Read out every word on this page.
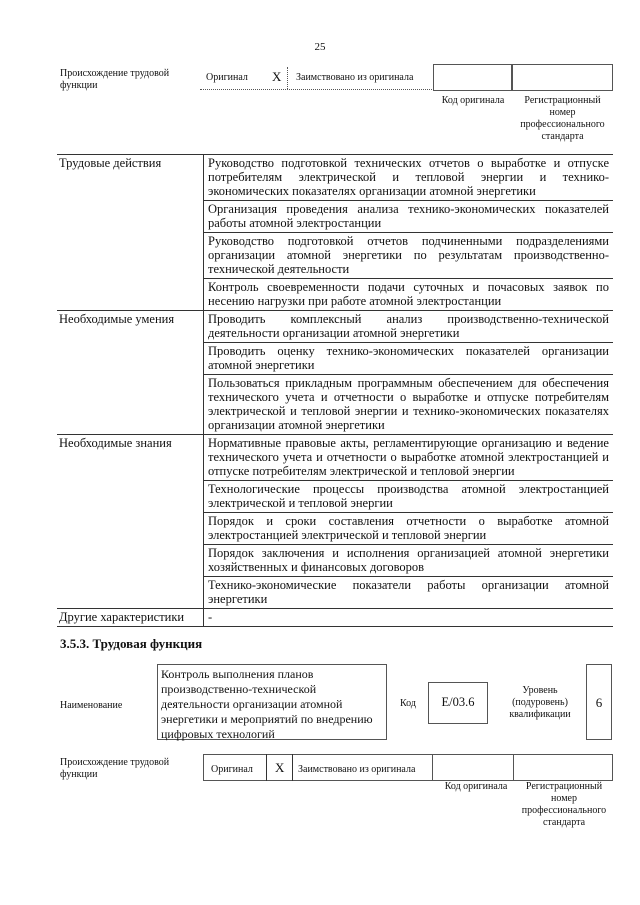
25
Происхождение трудовой функции
Оригинал X Заимствовано из оригинала
Код оригинала	Регистрационный номер профессионального стандарта
Трудовые действия	Руководство подготовкой технических отчетов о выработке и отпуске потребителям электрической и тепловой энергии и технико-экономических показателях организации атомной энергетики
	Организация проведения анализа технико-экономических показателей работы атомной электростанции
	Руководство подготовкой отчетов подчиненными подразделениями организации атомной энергетики по результатам производственно-технической деятельности
	Контроль своевременности подачи суточных и почасовых заявок по несению нагрузки при работе атомной электростанции
Необходимые умения	Проводить комплексный анализ производственно-технической деятельности организации атомной энергетики
	Проводить оценку технико-экономических показателей организации атомной энергетики
	Пользоваться прикладным программным обеспечением для обеспечения технического учета и отчетности о выработке и отпуске потребителям электрической и тепловой энергии и технико-экономических показателях организации атомной энергетики
Необходимые знания	Нормативные правовые акты, регламентирующие организацию и ведение технического учета и отчетности о выработке атомной электростанцией и отпуске потребителям электрической и тепловой энергии
	Технологические процессы производства атомной электростанцией электрической и тепловой энергии
	Порядок и сроки составления отчетности о выработке атомной электростанцией электрической и тепловой энергии
	Порядок заключения и исполнения организацией атомной энергетики хозяйственных и финансовых договоров
	Технико-экономические показатели работы организации атомной энергетики
Другие характеристики	-
3.5.3. Трудовая функция
Наименование
Контроль выполнения планов производственно-технической деятельности организации атомной энергетики и мероприятий по внедрению цифровых технологий
Код	E/03.6
Уровень (подуровень) квалификации
6
Происхождение трудовой функции	Оригинал X Заимствовано из оригинала
Код оригинала	Регистрационный номер профессионального стандарта
